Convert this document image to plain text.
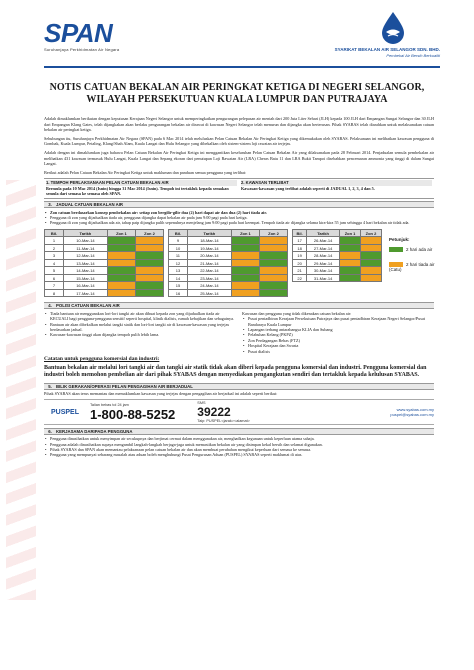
SPAN
Suruhanjaya Perkhidmatan Air Negara	SYARIKAT BEKALAN AIR SELANGOR SDN. BHD.
Pembekal Air Bersih Berkualiti
NOTIS CATUAN BEKALAN AIR PERINGKAT KETIGA DI NEGERI SELANGOR, WILAYAH PERSEKUTUAN KUALA LUMPUR DAN PUTRAJAYA

Adalah dimaklumkan berikutan dengan keputusan Kerajaan Negeri Selangor untuk memperingkatkan pengurangan pelepasan air mentah dari 200 Juta Liter Sehari (JLH) kepada 100 JLH dari Empangan Sungai Selangor dan 30 JLH dari Empangan Klang Gates, telah dijangkakan akan berlaku pengurangan bekalan air dirawat di kawasan Negeri Selangor telah menurun dan dijangka akan berterusan. Pihak SYABAS telah diarahkan untuk melaksanakan catuan bekalan air peringkat ketiga.

Sehubungan itu, Suruhanjaya Perkhidmatan Air Negara (SPAN) pada 6 Mac 2014 telah meluluskan Pelan Catuan Bekalan Air Peringkat Ketiga yang dikemukakan oleh SYABAS. Pelaksanaan ini melibatkan kawasan pengguna di Gombak, Kuala Lumpur, Petaling, Klang/Shah Alam, Kuala Langat dan Hulu Selangor yang dibekalkan oleh sistem-sistem loji rawatan air terjejas.

Adalah dengan ini dimaklumkan juga bahawa Pelan Catuan Bekalan Air Peringkat Ketiga ini menggantikan keseluruhan Pelan Catuan Bekalan Air yang dilaksanakan pada 28 Februari 2014. Penjadualan semula pembekalan air melibatkan 431 kawasan termasuk Hulu Langat, Kuala Langat dan Sepang ekoran dari penutupan Loji Rawatan Air (LRA) Cheras Batu 11 dan LRA Bukit Tampoi disebabkan pencemaran ammonia yang tinggi di dalam Sungai Langat.

Berikut adalah Pelan Catuan Bekalan Air Peringkat Ketiga untuk makluman dan panduan semua pengguna yang terlibat:

1. TEMPOH PERLAKSANAAN PELAN CATUAN BEKALAN AIR
Bermula pada 10 Mac 2014 (Isnin) hingga 31 Mac 2014 (Isnin). Tempoh ini tertakluk kepada semakan semula dari semasa ke semasa oleh SPAN.
2. KAWASAN TERLIBAT
Kawasan-kawasan yang terlibat adalah seperti di JADUAL 1, 2, 3, 4 dan 5.
3. JADUAL CATUAN BEKALAN AIR
• Zon catuan berdasarkan konsep pembekalan air: setiap zon bergilir-gilir dua (2) hari dapat air dan dua (2) hari tiada air.
• Pengguna di zon yang dijadualkan tiada air, pengguna dijangka dapat bekalan air pada jam 9:00 pagi pada hari ketiga.
• Pengguna di zon yang dijadualkan ada air, tahap paip dijangka pulih sepenuhnya menjelang jam 9:00 pagi pada hari keempat. Tempoh tiada air dijangka selama kira-kira 55 jam sehingga 4 hari bekalan air tidak ada.
Bil.	Tarikh	Zon 1	Zon 2
1	10-Mar-14		
2	11-Mar-14		
3	12-Mar-14		
4	13-Mar-14		
5	14-Mar-14		
6	15-Mar-14		
7	16-Mar-14		
8	17-Mar-14		
Bil.	Tarikh	Zon 1	Zon 2
9	18-Mar-14		
10	19-Mar-14		
11	20-Mar-14		
12	21-Mar-14		
13	22-Mar-14		
14	23-Mar-14		
15	24-Mar-14		
16	25-Mar-14		
Bil.	Tarikh	Zon 1	Zon 2
17	26-Mar-14		
18	27-Mar-14		
19	28-Mar-14		
20	29-Mar-14		
21	30-Mar-14		
22	31-Mar-14		
Petunjuk:
2 hari ada air
2 hari tiada air (Catu)
4. POLISI CATUAN BEKALAN AIR
• Tiada bantuan air menggunakan lori-lori tangki air akan dibuat kepada zon yang dijadualkan tiada air KECUALI bagi pengguna-pengguna sensitif seperti hospital, klinik dialisis, rumah kebajikan dan sebagainya.
• Bantuan air akan dibekalkan melalui tangki statik dan lori-lori tangki air di kawasan-kawasan yang terjejas berdasarkan jadual.
• Kawasan-kawasan tinggi akan dijangka tempoh pulih lebih lama.
Kawasan dan pengguna yang tidak dikenakan catuan bekalan air:
• Pusat pentadbiran Kerajaan Persekutuan Putrajaya dan pusat pentadbiran Kerajaan Negeri Selangor/Pusat Bandaraya Kuala Lumpur
• Lapangan terbang antarabangsa KLIA dan Subang
• Pelabuhan Kelang (PKPZ)
• Zon Perdagangan Bebas (FTZ)
• Hospital Kerajaan dan Swasta
• Pusat dialisis
Catatan untuk pengguna komersial dan industri:
Bantuan bekalan air melalui lori tangki air dan tangki air statik tidak akan diberi kepada pengguna komersial dan industri. Pengguna komersial dan industri boleh memohon pembelian air dari pihak SYABAS dengan menyediakan pengangkutan sendiri dan tertakluk kepada kelulusan SYABAS.
5. BILIK GERAKAN/OPERASI PELAN PENGAGIHAN AIR BERJADUAL
Pihak SYABAS akan terus memantau dan memaklumkan kawasan yang terjejas dengan pengagihan air berjadual ini adalah seperti berikut:
PUSPEL
Talian bebas tol 24 jam
1-800-88-5252
SMS
39222
Taip: PUSPEL<jarak><alamat>
www.syabas.com.my
puspel@syabas.com.my
6. KERJASAMA DARIPADA PENGGUNA
• Pengguna dinasihatkan untuk menyimpan air secukupnya dan berjimat cermat dalam menggunakan air, menghadkan kegunaan untuk keperluan utama sahaja.
• Pengguna adalah dinasihatkan supaya mengambil langkah-langkah berjaga-jaga untuk memastikan bekalan air yang disimpan kekal bersih dan selamat digunakan.
• Pihak SYABAS dan SPAN akan memantau pelaksanaan pelan catuan bekalan air dan akan membuat perubahan mengikut keperluan dari semasa ke semasa.
• Pengguna yang mempunyai sebarang masalah atau aduan boleh menghubungi Pusat Pengurusan Aduan (PUSPEL) SYABAS seperti maklumat di atas.
